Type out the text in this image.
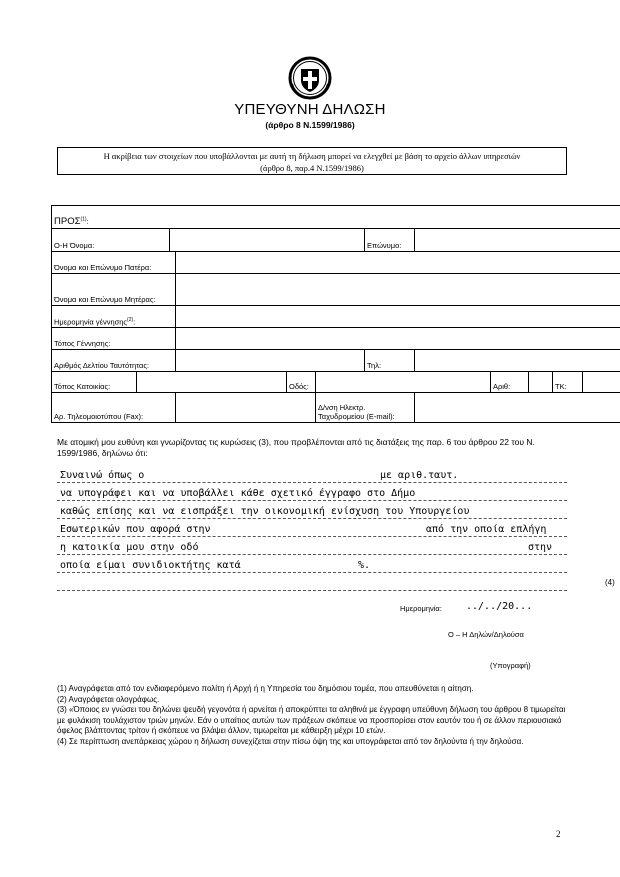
ΥΠΕΥΘΥΝΗ ΔΗΛΩΣΗ
(άρθρο 8 Ν.1599/1986)
Η ακρίβεια των στοιχείων που υποβάλλονται με αυτή τη δήλωση μπορεί να ελεγχθεί με βάση το αρχείο άλλων υπηρεσιών
(άρθρο 8, παρ.4 Ν.1599/1986)
ΠΡΟΣ$^{(1)}$:											
Ο-Η Όνομα:						Επώνυμο:					
Όνομα και Επώνυμο Πατέρα:											
Όνομα και Επώνυμο Μητέρας:											
Ημερομηνία γέννησης$^{(2)}$:											
Τόπος Γέννησης:											
Αριθμός Δελτίου Ταυτότητας:						Τηλ:					
Τόπος Κατοικίας:				Οδός:				Αριθ:		ΤΚ:	
Αρ. Τηλεομοιοτύπου (Fax):					Δ/νση Ηλεκτρ. Ταχυδρομείου (E-mail):						
Με ατομική μου ευθύνη και γνωρίζοντας τις κυρώσεις (3), που προβλέπονται από τις διατάξεις της παρ. 6 του άρθρου 22 του Ν. 1599/1986, δηλώνω ότι:
Συναινώ όπως ο	με αριθ.ταυτ.
να υπογράφει και να υποβάλλει κάθε σχετικό έγγραφο στο Δήμο
καθώς επίσης και να εισπράξει την οικονομική ενίσχυση του Υπουργείου
Εσωτερικών που αφορά στην	από την οποία επλήγη
η κατοικία μου στην οδό	στην
οποία είμαι συνιδιοκτήτης κατά	%.
(4)
Ημερομηνία: ../../20...
Ο – Η Δηλών/Δηλούσα
(Υπογραφή)

(1) Αναγράφεται από τον ενδιαφερόμενο πολίτη ή Αρχή ή η Υπηρεσία του δημόσιου τομέα, που απευθύνεται η αίτηση.

(2) Αναγράφεται ολογράφως.

(3) «Όποιος εν γνώσει του δηλώνει ψευδή γεγονότα ή αρνείται ή αποκρύπτει τα αληθινά με έγγραφη υπεύθυνη δήλωση του άρθρου 8 τιμωρείται με φυλάκιση τουλάχιστον τριών μηνών. Εάν ο υπαίτιος αυτών των πράξεων σκόπευε να προσπορίσει στον εαυτόν του ή σε άλλον περιουσιακό όφελος βλάπτοντας τρίτον ή σκόπευε να βλάψει άλλον, τιμωρείται με κάθειρξη μέχρι 10 ετών.

(4) Σε περίπτωση ανεπάρκειας χώρου η δήλωση συνεχίζεται στην πίσω όψη της και υπογράφεται από τον δηλούντα ή την δηλούσα.

2
